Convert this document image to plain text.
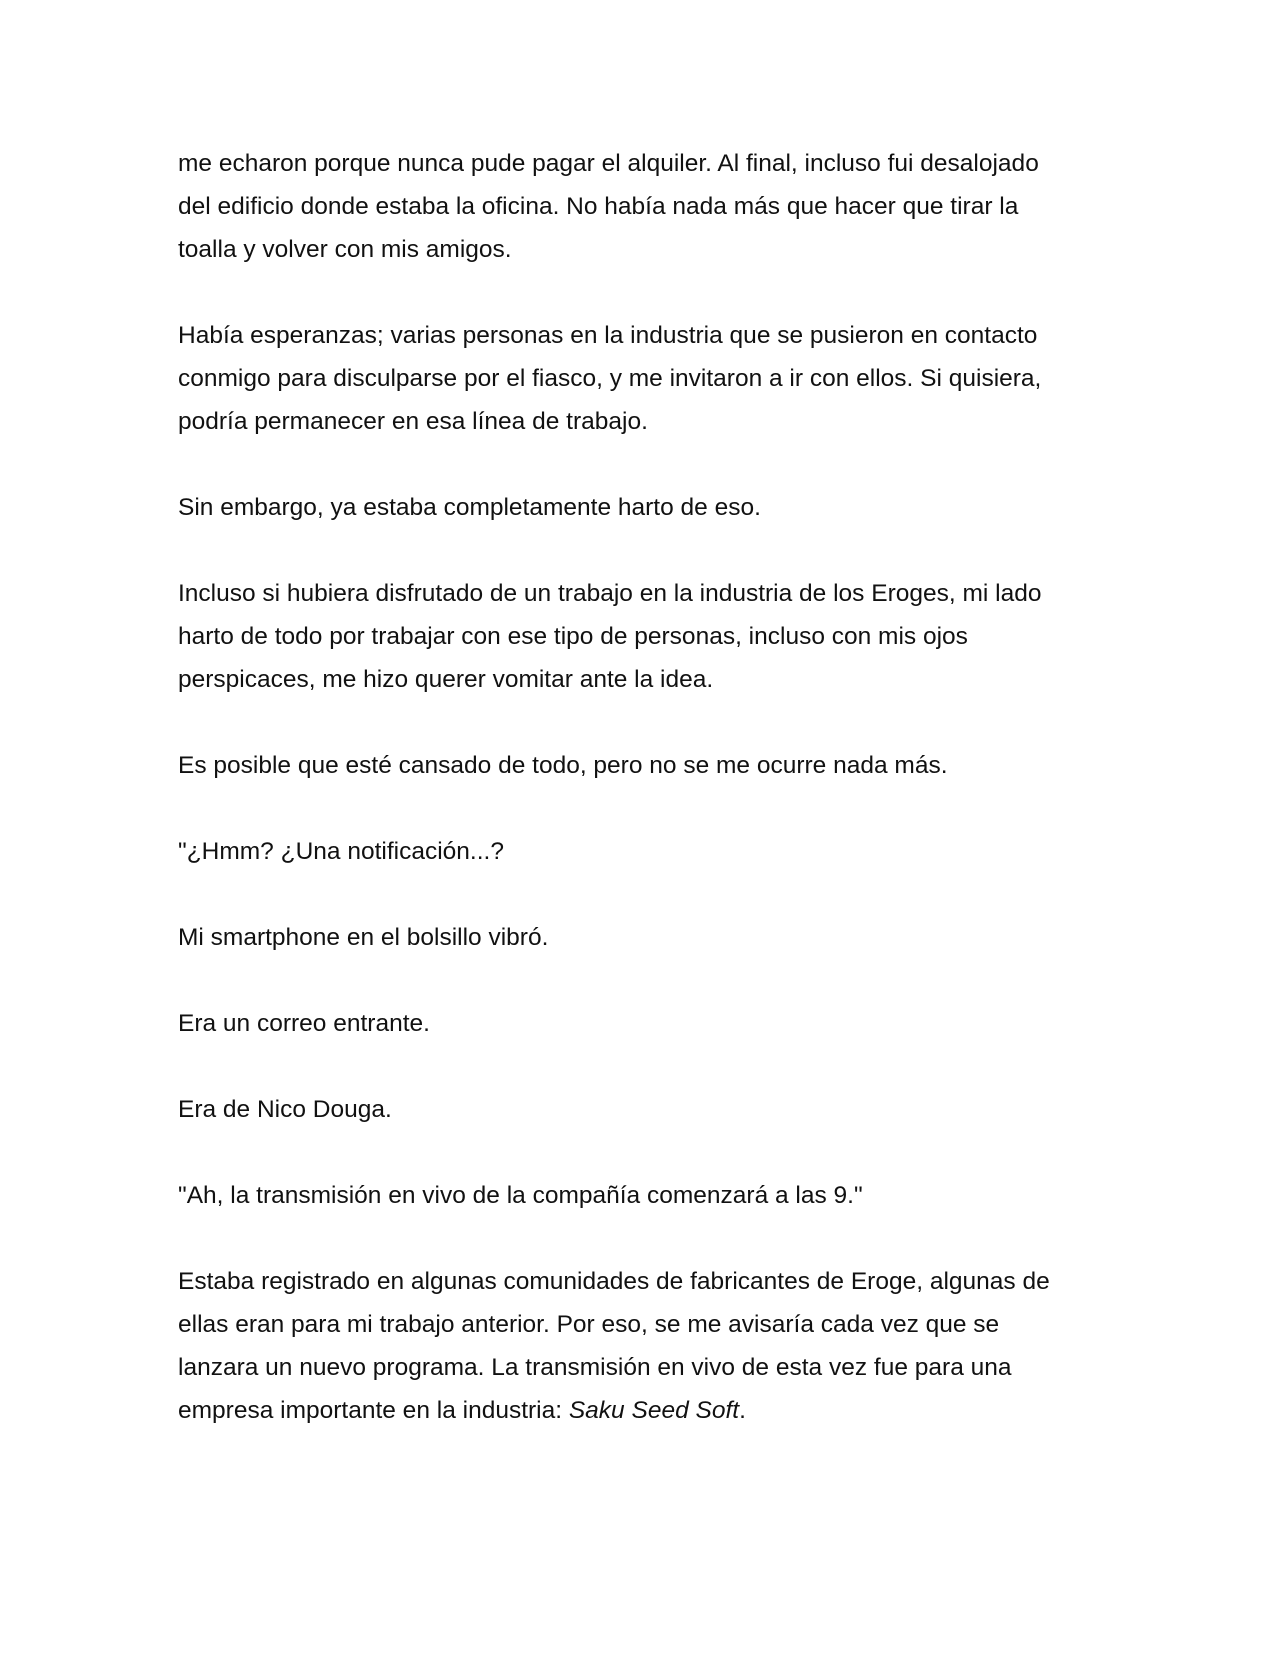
me echaron porque nunca pude pagar el alquiler. Al final, incluso fui desalojado del edificio donde estaba la oficina. No había nada más que hacer que tirar la toalla y volver con mis amigos.

Había esperanzas; varias personas en la industria que se pusieron en contacto conmigo para disculparse por el fiasco, y me invitaron a ir con ellos. Si quisiera, podría permanecer en esa línea de trabajo.

Sin embargo, ya estaba completamente harto de eso.

Incluso si hubiera disfrutado de un trabajo en la industria de los Eroges, mi lado harto de todo por trabajar con ese tipo de personas, incluso con mis ojos perspicaces, me hizo querer vomitar ante la idea.

Es posible que esté cansado de todo, pero no se me ocurre nada más.

"¿Hmm? ¿Una notificación...?

Mi smartphone en el bolsillo vibró.

Era un correo entrante.

Era de Nico Douga.

"Ah, la transmisión en vivo de la compañía comenzará a las 9."

Estaba registrado en algunas comunidades de fabricantes de Eroge, algunas de ellas eran para mi trabajo anterior. Por eso, se me avisaría cada vez que se lanzara un nuevo programa. La transmisión en vivo de esta vez fue para una empresa importante en la industria: Saku Seed Soft.
